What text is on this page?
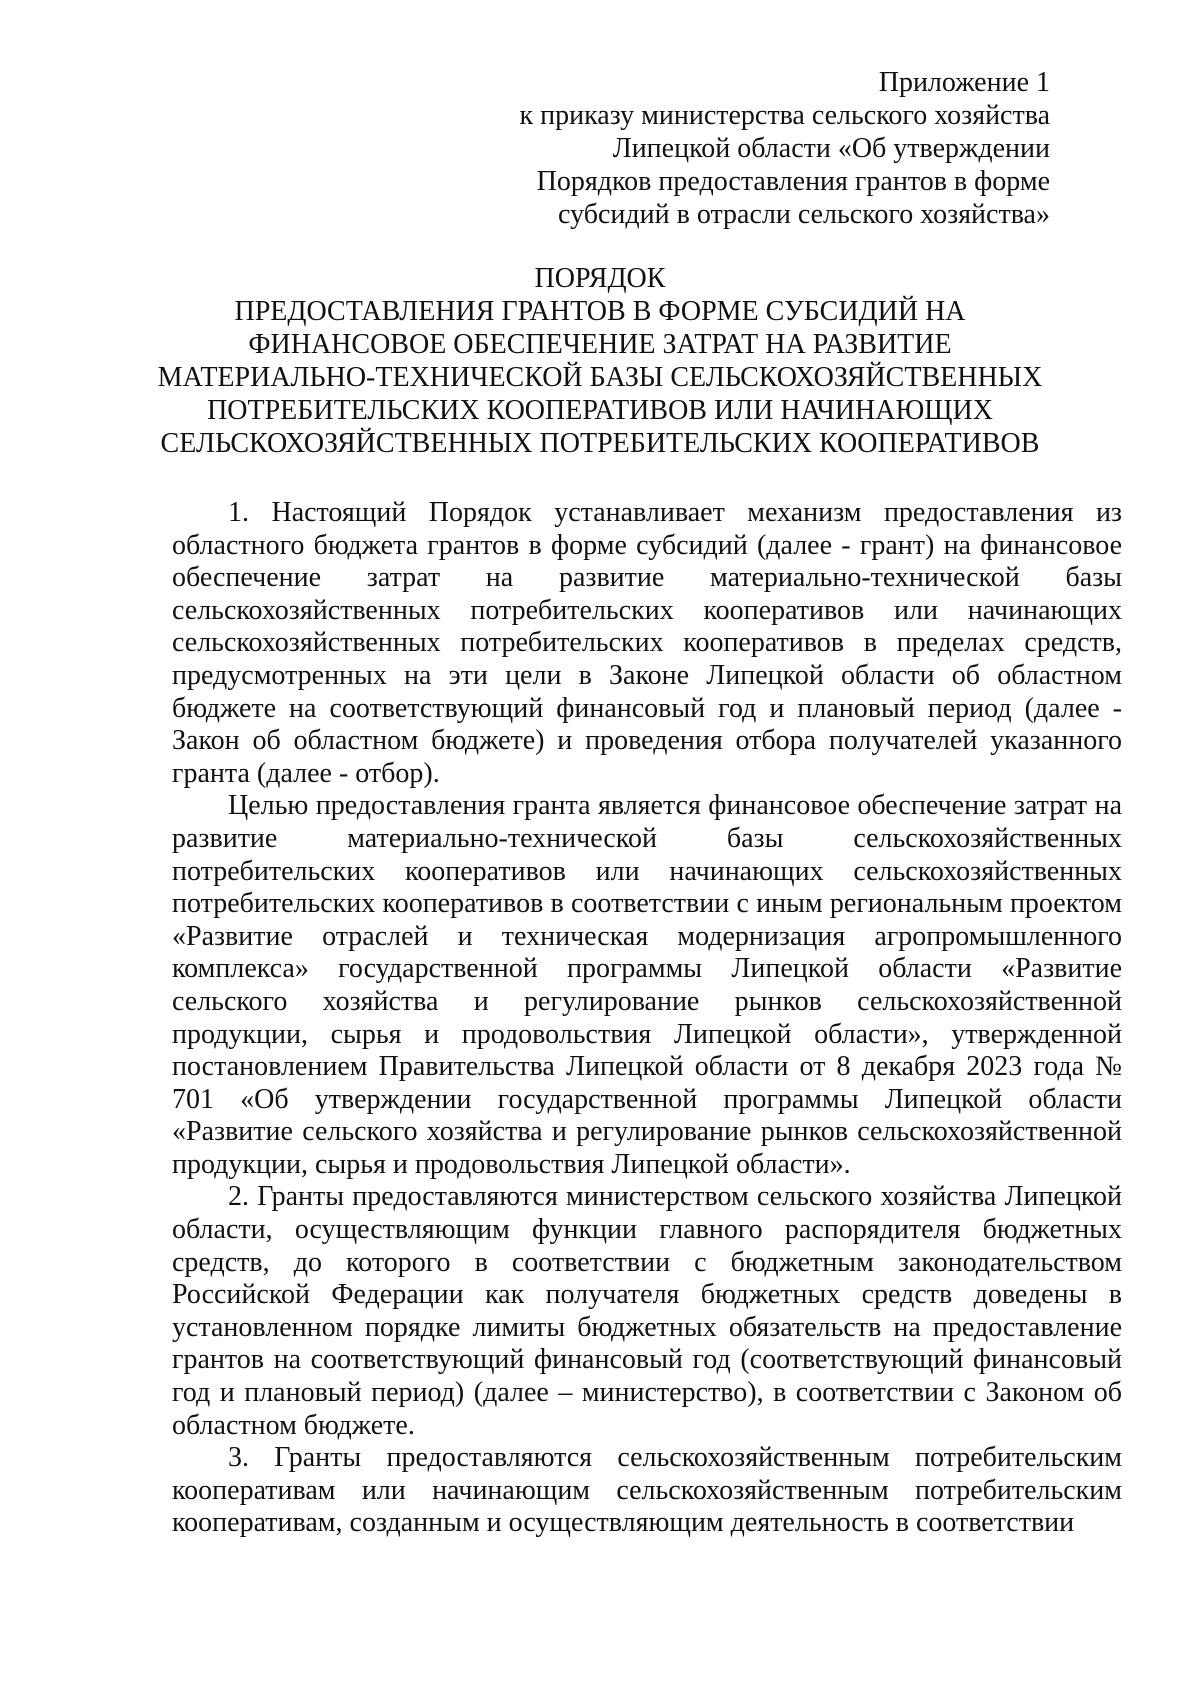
Приложение 1
к приказу министерства сельского хозяйства
Липецкой области «Об утверждении
Порядков предоставления грантов в форме
субсидий в отрасли сельского хозяйства»
ПОРЯДОК
ПРЕДОСТАВЛЕНИЯ ГРАНТОВ В ФОРМЕ СУБСИДИЙ НА
ФИНАНСОВОЕ ОБЕСПЕЧЕНИЕ ЗАТРАТ НА РАЗВИТИЕ
МАТЕРИАЛЬНО-ТЕХНИЧЕСКОЙ БАЗЫ СЕЛЬСКОХОЗЯЙСТВЕННЫХ
ПОТРЕБИТЕЛЬСКИХ КООПЕРАТИВОВ ИЛИ НАЧИНАЮЩИХ
СЕЛЬСКОХОЗЯЙСТВЕННЫХ ПОТРЕБИТЕЛЬСКИХ КООПЕРАТИВОВ

1. Настоящий Порядок устанавливает механизм предоставления из областного бюджета грантов в форме субсидий (далее - грант) на финансовое обеспечение затрат на развитие материально-технической базы сельскохозяйственных потребительских кооперативов или начинающих сельскохозяйственных потребительских кооперативов в пределах средств, предусмотренных на эти цели в Законе Липецкой области об областном бюджете на соответствующий финансовый год и плановый период (далее - Закон об областном бюджете) и проведения отбора получателей указанного гранта (далее - отбор).

Целью предоставления гранта является финансовое обеспечение затрат на развитие материально-технической базы сельскохозяйственных потребительских кооперативов или начинающих сельскохозяйственных потребительских кооперативов в соответствии с иным региональным проектом «Развитие отраслей и техническая модернизация агропромышленного комплекса» государственной программы Липецкой области «Развитие сельского хозяйства и регулирование рынков сельскохозяйственной продукции, сырья и продовольствия Липецкой области», утвержденной постановлением Правительства Липецкой области от 8 декабря 2023 года № 701 «Об утверждении государственной программы Липецкой области «Развитие сельского хозяйства и регулирование рынков сельскохозяйственной продукции, сырья и продовольствия Липецкой области».

2. Гранты предоставляются министерством сельского хозяйства Липецкой области, осуществляющим функции главного распорядителя бюджетных средств, до которого в соответствии с бюджетным законодательством Российской Федерации как получателя бюджетных средств доведены в установленном порядке лимиты бюджетных обязательств на предоставление грантов на соответствующий финансовый год (соответствующий финансовый год и плановый период) (далее – министерство), в соответствии с Законом об областном бюджете.

3. Гранты предоставляются сельскохозяйственным потребительским кооперативам или начинающим сельскохозяйственным потребительским кооперативам, созданным и осуществляющим деятельность в соответствии
